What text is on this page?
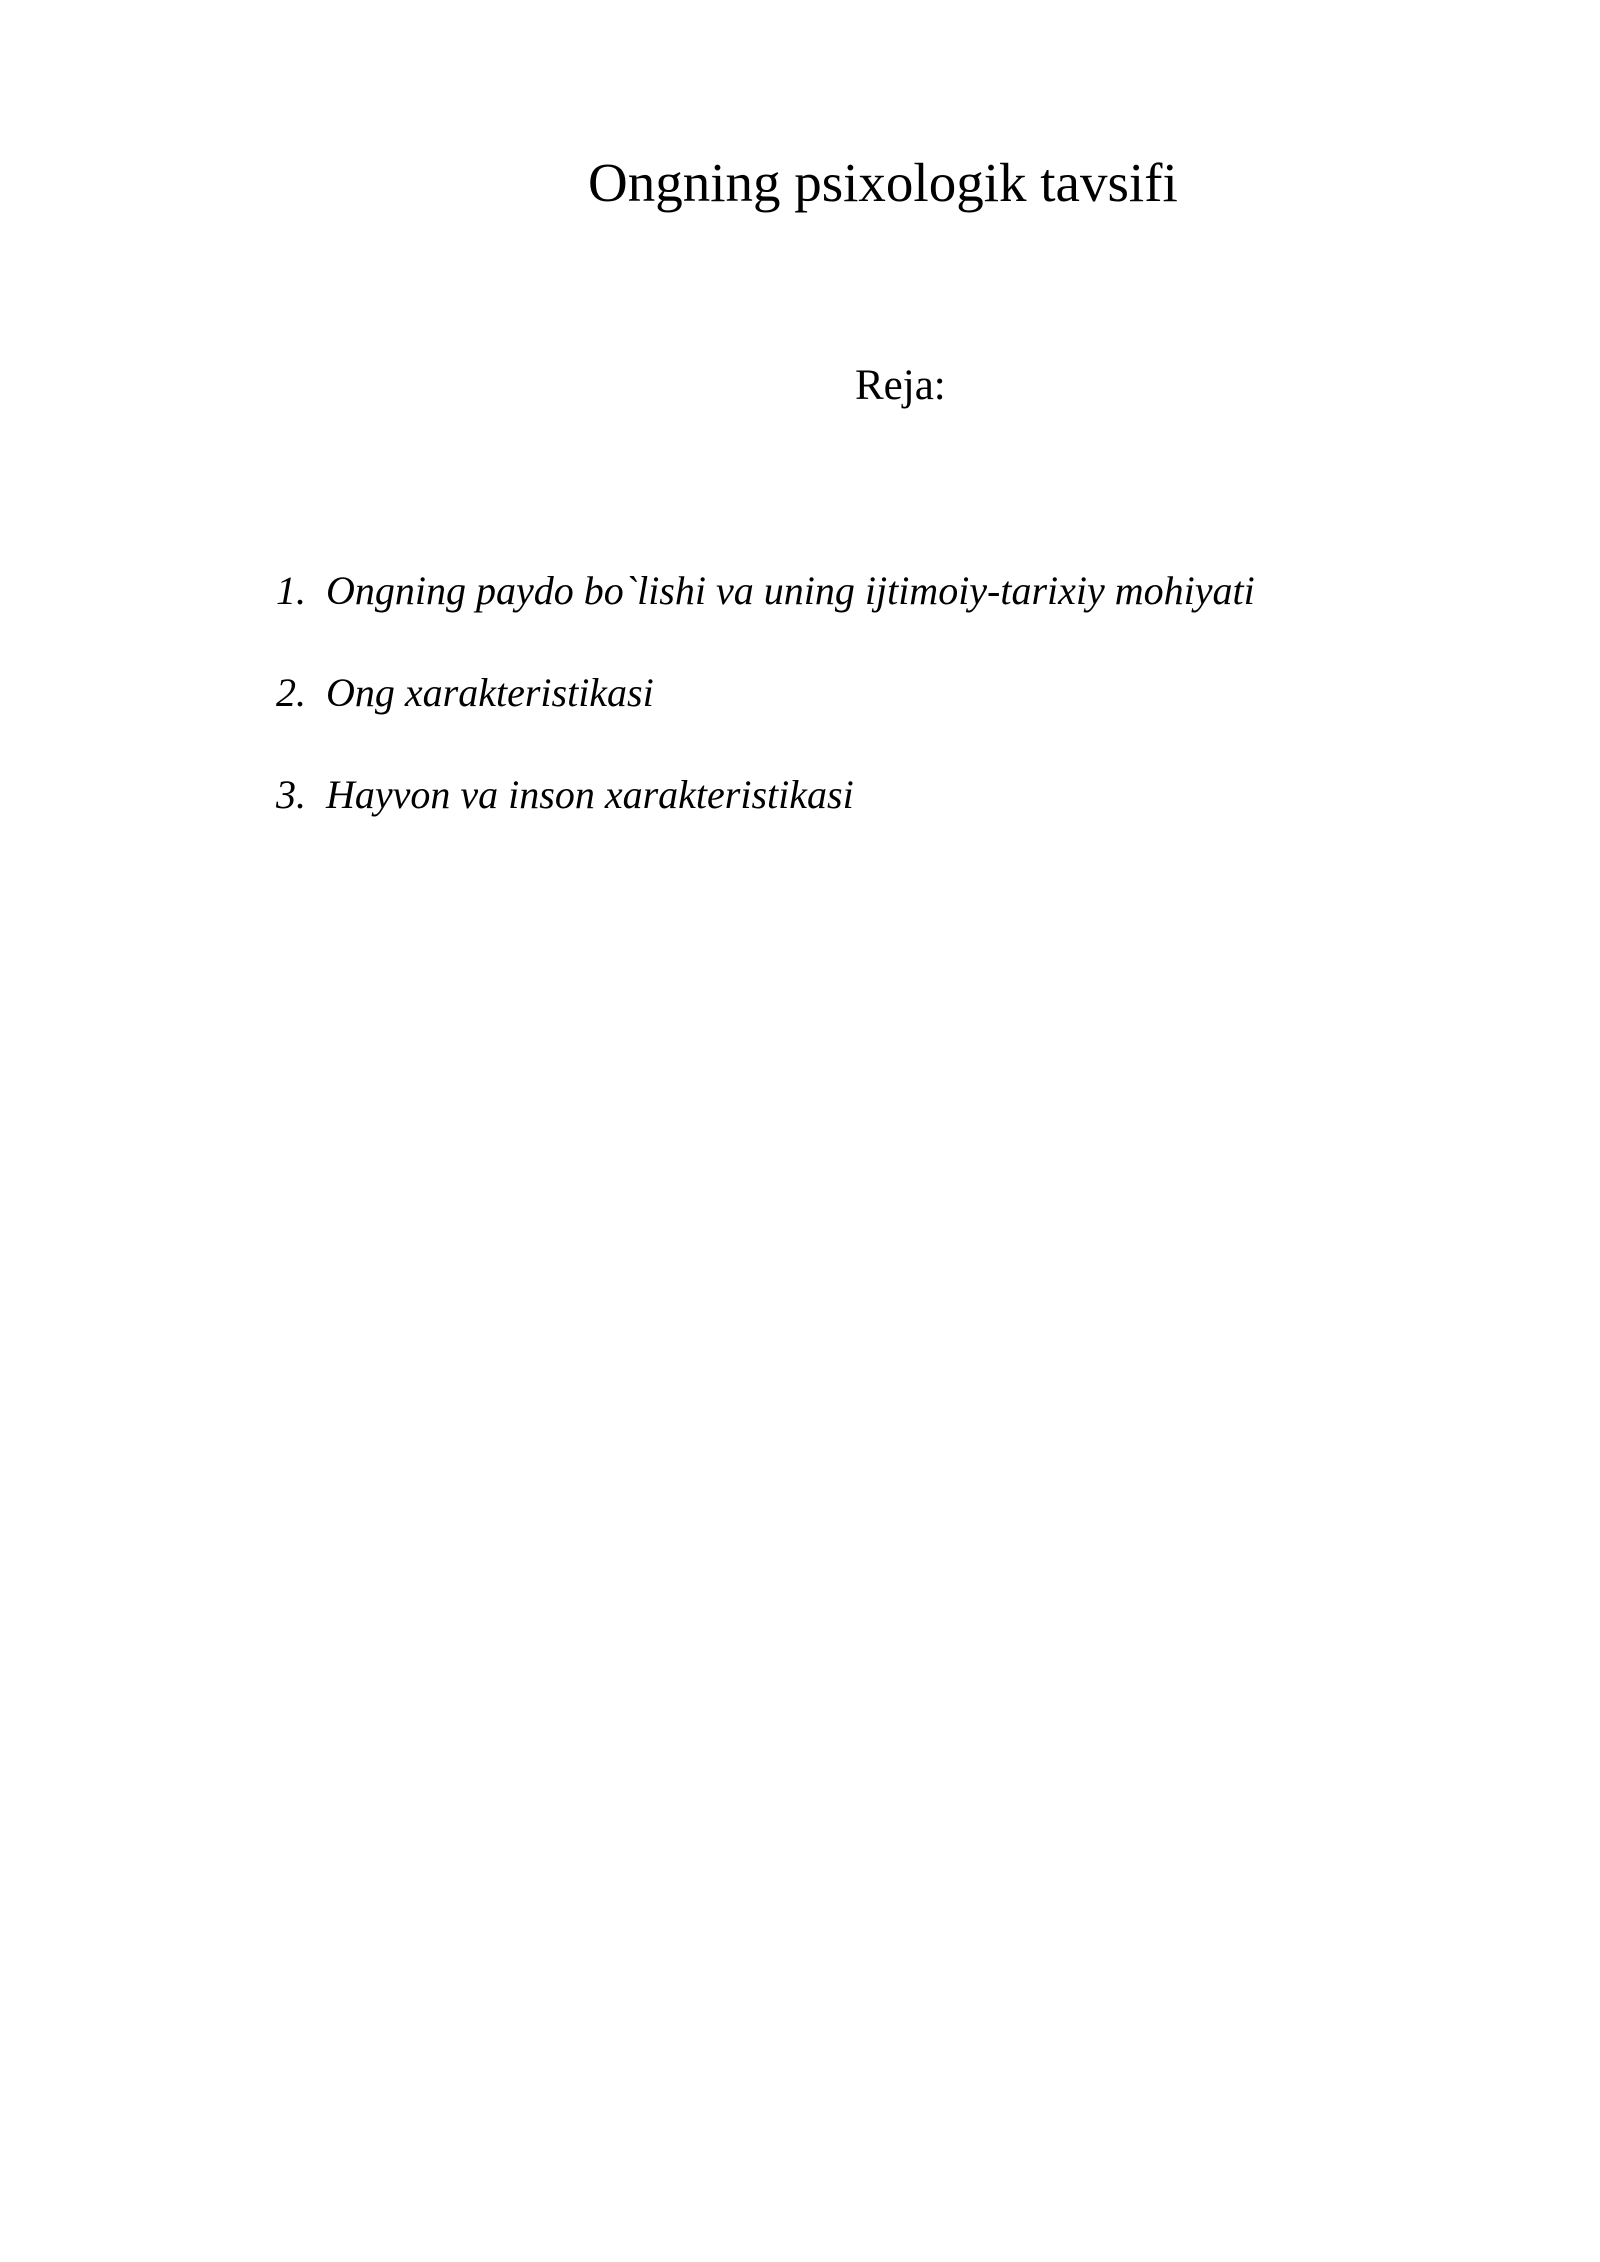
Ongning psixologik tavsifi
Reja:
1. Ongning paydo bo`lishi va uning ijtimoiy-tarixiy mohiyati
2. Ong xarakteristikasi
3. Hayvon va inson xarakteristikasi
